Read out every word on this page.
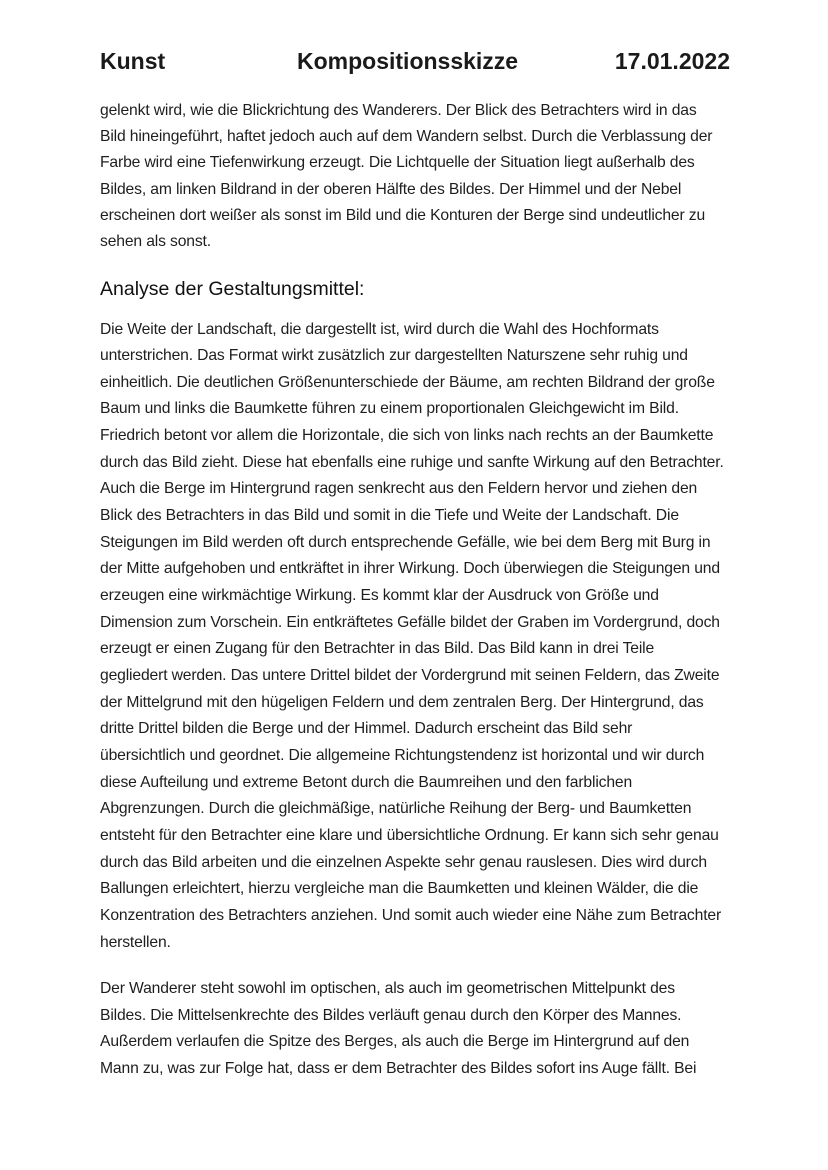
Kunst	Kompositionsskizze	17.01.2022
gelenkt wird, wie die Blickrichtung des Wanderers. Der Blick des Betrachters wird in das
Bild hineingeführt, haftet jedoch auch auf dem Wandern selbst. Durch die Verblassung der
Farbe wird eine Tiefenwirkung erzeugt. Die Lichtquelle der Situation liegt außerhalb des
Bildes, am linken Bildrand in der oberen Hälfte des Bildes. Der Himmel und der Nebel
erscheinen dort weißer als sonst im Bild und die Konturen der Berge sind undeutlicher zu
sehen als sonst.
Analyse der Gestaltungsmittel:
Die Weite der Landschaft, die dargestellt ist, wird durch die Wahl des Hochformats
unterstrichen. Das Format wirkt zusätzlich zur dargestellten Naturszene sehr ruhig und
einheitlich. Die deutlichen Größenunterschiede der Bäume, am rechten Bildrand der große
Baum und links die Baumkette führen zu einem proportionalen Gleichgewicht im Bild.
Friedrich betont vor allem die Horizontale, die sich von links nach rechts an der Baumkette
durch das Bild zieht. Diese hat ebenfalls eine ruhige und sanfte Wirkung auf den Betrachter.
Auch die Berge im Hintergrund ragen senkrecht aus den Feldern hervor und ziehen den
Blick des Betrachters in das Bild und somit in die Tiefe und Weite der Landschaft. Die
Steigungen im Bild werden oft durch entsprechende Gefälle, wie bei dem Berg mit Burg in
der Mitte aufgehoben und entkräftet in ihrer Wirkung. Doch überwiegen die Steigungen und
erzeugen eine wirkmächtige Wirkung. Es kommt klar der Ausdruck von Größe und
Dimension zum Vorschein. Ein entkräftetes Gefälle bildet der Graben im Vordergrund, doch
erzeugt er einen Zugang für den Betrachter in das Bild. Das Bild kann in drei Teile
gegliedert werden. Das untere Drittel bildet der Vordergrund mit seinen Feldern, das Zweite
der Mittelgrund mit den hügeligen Feldern und dem zentralen Berg. Der Hintergrund, das
dritte Drittel bilden die Berge und der Himmel. Dadurch erscheint das Bild sehr
übersichtlich und geordnet. Die allgemeine Richtungstendenz ist horizontal und wir durch
diese Aufteilung und extreme Betont durch die Baumreihen und den farblichen
Abgrenzungen. Durch die gleichmäßige, natürliche Reihung der Berg- und Baumketten
entsteht für den Betrachter eine klare und übersichtliche Ordnung. Er kann sich sehr genau
durch das Bild arbeiten und die einzelnen Aspekte sehr genau rauslesen. Dies wird durch
Ballungen erleichtert, hierzu vergleiche man die Baumketten und kleinen Wälder, die die
Konzentration des Betrachters anziehen. Und somit auch wieder eine Nähe zum Betrachter
herstellen.
Der Wanderer steht sowohl im optischen, als auch im geometrischen Mittelpunkt des
Bildes. Die Mittelsenkrechte des Bildes verläuft genau durch den Körper des Mannes.
Außerdem verlaufen die Spitze des Berges, als auch die Berge im Hintergrund auf den
Mann zu, was zur Folge hat, dass er dem Betrachter des Bildes sofort ins Auge fällt. Bei
